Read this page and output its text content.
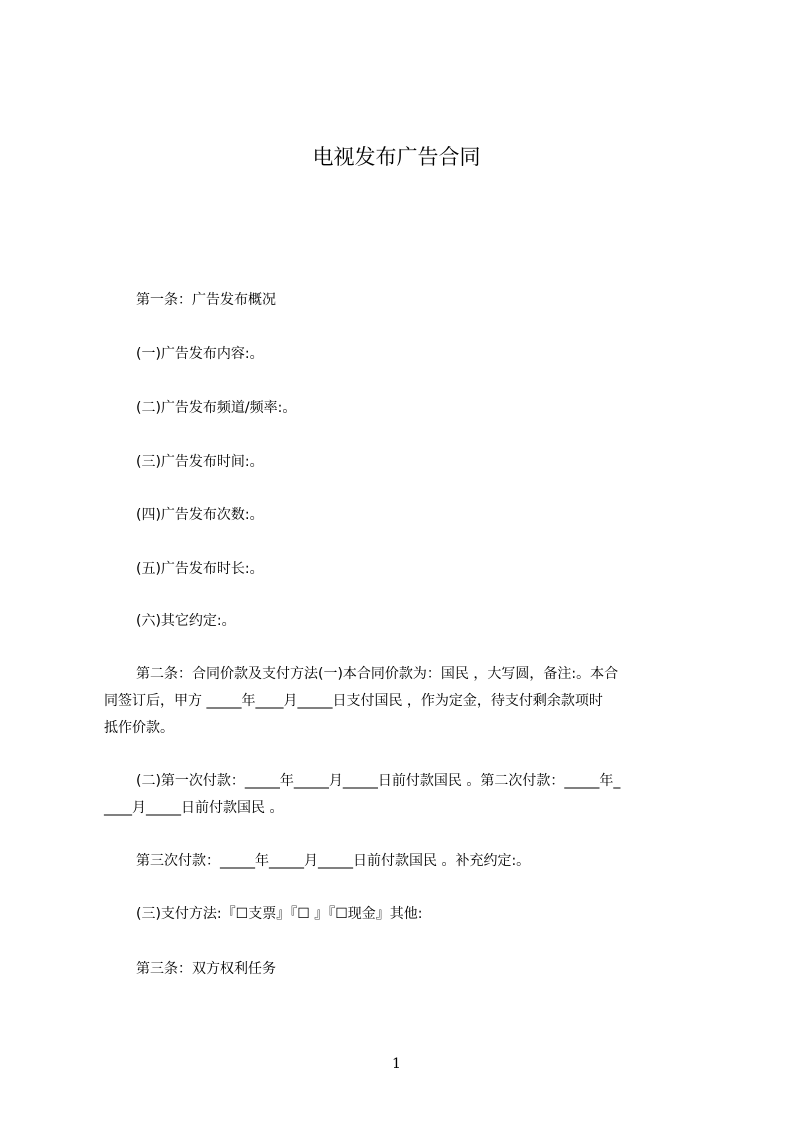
电视发布广告合同
第一条：广告发布概况
(一)广告发布内容:。
(二)广告发布频道/频率:。
(三)广告发布时间:。
(四)广告发布次数:。
(五)广告发布时长:。
(六)其它约定:。
第二条：合同价款及支付方法(一)本合同价款为：国民 ，大写圆，备注:。本合
同签订后，甲方 _____年____月_____日支付国民 ，作为定金，待支付剩余款项时
抵作价款。
(二)第一次付款：_____年_____月_____日前付款国民 。第二次付款：_____年_
____月_____日前付款国民 。
第三次付款：_____年_____月_____日前付款国民 。补充约定:。
(三)支付方法:『☐支票』『☐ 』『☐现金』其他:
第三条：双方权利任务
1
